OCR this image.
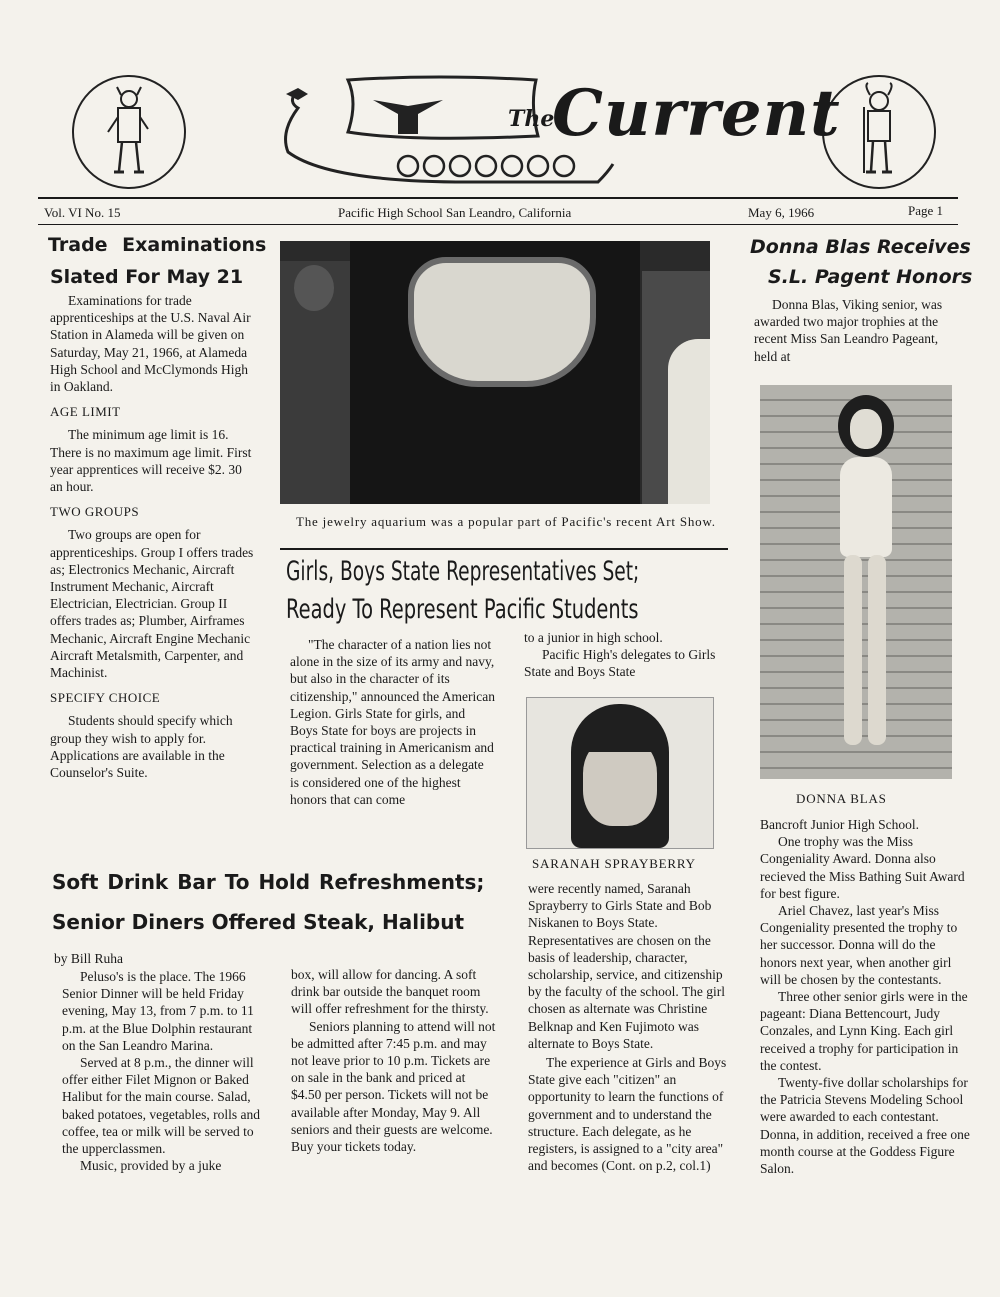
The
Current
Vol. VI No. 15	Pacific High School San Leandro, California	May 6, 1966	Page 1
Trade Examinations
Slated For May 21

Examinations for trade apprenticeships at the U.S. Naval Air Station in Alameda will be given on Saturday, May 21, 1966, at Alameda High School and McClymonds High in Oakland.

AGE LIMIT

The minimum age limit is 16. There is no maximum age limit. First year apprentices will receive $2. 30 an hour.

TWO GROUPS

Two groups are open for apprenticeships. Group I offers trades as; Electronics Mechanic, Aircraft Instrument Mechanic, Aircraft Electrician, Electrician. Group II offers trades as; Plumber, Airframes Mechanic, Aircraft Engine Mechanic Aircraft Metalsmith, Carpenter, and Machinist.

SPECIFY CHOICE

Students should specify which group they wish to apply for. Applications are available in the Counselor's Suite.

The jewelry aquarium was a popular part of Pacific's recent Art Show.
Girls, Boys State Representatives Set;
Ready To Represent Pacific Students

"The character of a nation lies not alone in the size of its army and navy, but also in the character of its citizenship," announced the American Legion. Girls State for girls, and Boys State for boys are projects in practical training in Americanism and government. Selection as a delegate is considered one of the highest honors that can come

to a junior in high school.

Pacific High's delegates to Girls State and Boys State

SARANAH SPRAYBERRY

were recently named, Saranah Sprayberry to Girls State and Bob Niskanen to Boys State. Representatives are chosen on the basis of leadership, character, scholarship, service, and citizenship by the faculty of the school. The girl chosen as alternate was Christine Belknap and Ken Fujimoto was alternate to Boys State.

The experience at Girls and Boys State give each "citizen" an opportunity to learn the functions of government and to understand the structure. Each delegate, as he registers, is assigned to a "city area" and becomes (Cont. on p.2, col.1)

Donna Blas Receives
S.L. Pagent Honors

Donna Blas, Viking senior, was awarded two major trophies at the recent Miss San Leandro Pageant, held at

DONNA BLAS
Bancroft Junior High School.

One trophy was the Miss Congeniality Award. Donna also recieved the Miss Bathing Suit Award for best figure.

Ariel Chavez, last year's Miss Congeniality presented the trophy to her successor. Donna will do the honors next year, when another girl will be chosen by the contestants.

Three other senior girls were in the pageant: Diana Bettencourt, Judy Conzales, and Lynn King. Each girl received a trophy for participation in the contest.

Twenty-five dollar scholarships for the Patricia Stevens Modeling School were awarded to each contestant. Donna, in addition, received a free one month course at the Goddess Figure Salon.

Soft Drink Bar To Hold Refreshments;
Senior Diners Offered Steak, Halibut
by Bill Ruha

Peluso's is the place. The 1966 Senior Dinner will be held Friday evening, May 13, from 7 p.m. to 11 p.m. at the Blue Dolphin restaurant on the San Leandro Marina.

Served at 8 p.m., the dinner will offer either Filet Mignon or Baked Halibut for the main course. Salad, baked potatoes, vegetables, rolls and coffee, tea or milk will be served to the upperclassmen.

Music, provided by a juke

box, will allow for dancing. A soft drink bar outside the banquet room will offer refreshment for the thirsty.

Seniors planning to attend will not be admitted after 7:45 p.m. and may not leave prior to 10 p.m. Tickets are on sale in the bank and priced at $4.50 per person. Tickets will not be available after Monday, May 9. All seniors and their guests are welcome. Buy your tickets today.
